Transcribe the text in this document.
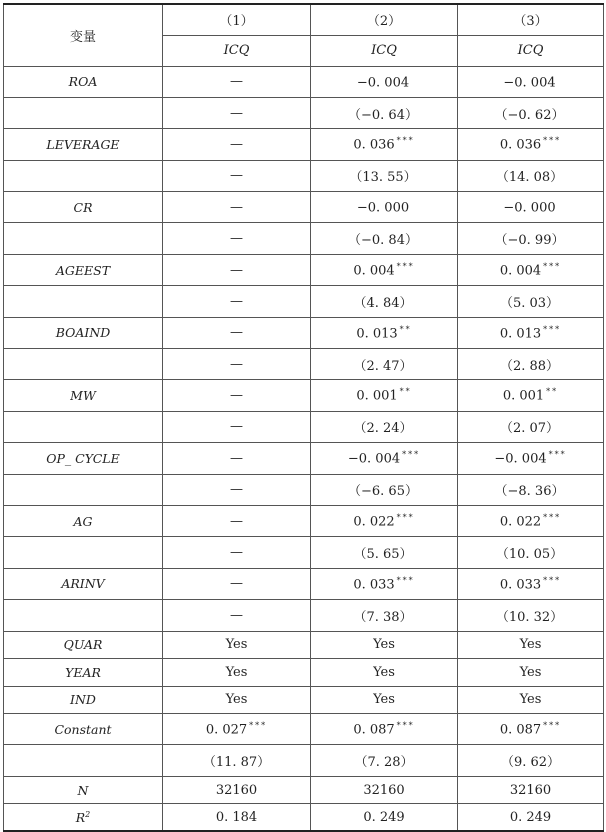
变量	（1）	（2）	（3）
	ICQ	ICQ	ICQ
ROA	—	−0. 004	−0. 004
	—	（−0. 64）	（−0. 62）
LEVERAGE	—	0. 036 ***	0. 036 ***
	—	（13. 55）	（14. 08）
CR	—	−0. 000	−0. 000
	—	（−0. 84）	（−0. 99）
AGEEST	—	0. 004 ***	0. 004 ***
	—	（4. 84）	（5. 03）
BOAIND	—	0. 013 **	0. 013 ***
	—	（2. 47）	（2. 88）
MW	—	0. 001 **	0. 001 **
	—	（2. 24）	（2. 07）
OP_ CYCLE	—	−0. 004 ***	−0. 004 ***
	—	（−6. 65）	（−8. 36）
AG	—	0. 022 ***	0. 022 ***
	—	（5. 65）	（10. 05）
ARINV	—	0. 033 ***	0. 033 ***
	—	（7. 38）	（10. 32）
QUAR	Yes	Yes	Yes
YEAR	Yes	Yes	Yes
IND	Yes	Yes	Yes
Constant	0. 027 ***	0. 087 ***	0. 087 ***
	（11. 87）	（7. 28）	（9. 62）
N	32160	32160	32160
$R^2$	0. 184	0. 249	0. 249
